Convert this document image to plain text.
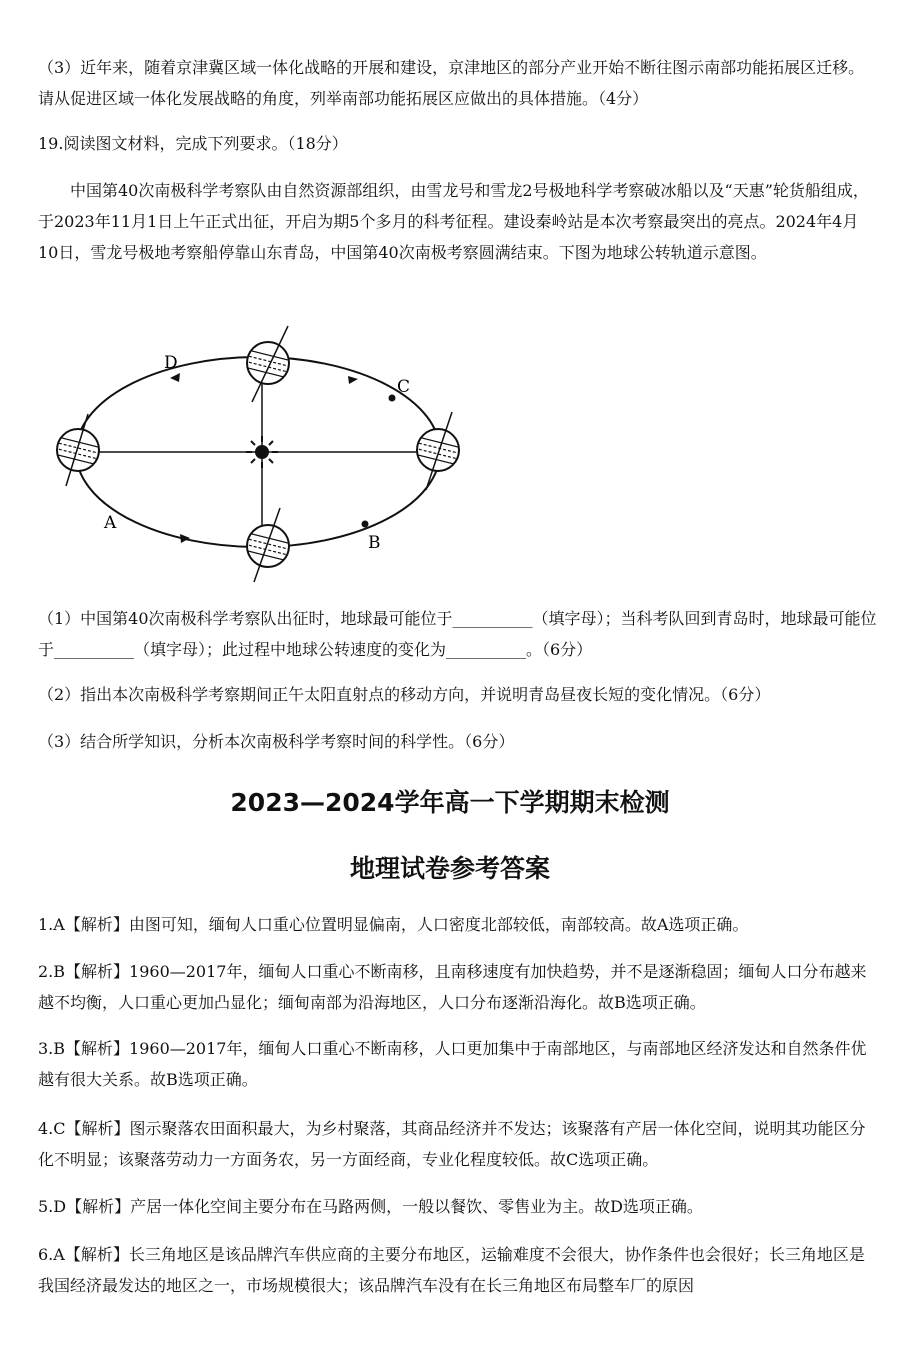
（3）近年来，随着京津冀区域一体化战略的开展和建设，京津地区的部分产业开始不断往图示南部功能拓展区迁移。请从促进区域一体化发展战略的角度，列举南部功能拓展区应做出的具体措施。（4分）

19.阅读图文材料，完成下列要求。（18分）

中国第40次南极科学考察队由自然资源部组织，由雪龙号和雪龙2号极地科学考察破冰船以及“天惠”轮货船组成，于2023年11月1日上午正式出征，开启为期5个多月的科考征程。建设秦岭站是本次考察最突出的亮点。2024年4月10日，雪龙号极地考察船停靠山东青岛，中国第40次南极考察圆满结束。下图为地球公转轨道示意图。

D
C
A
B

（1）中国第40次南极科学考察队出征时，地球最可能位于__________（填字母）；当科考队回到青岛时，地球最可能位于__________（填字母）；此过程中地球公转速度的变化为__________。（6分）

（2）指出本次南极科学考察期间正午太阳直射点的移动方向，并说明青岛昼夜长短的变化情况。（6分）

（3）结合所学知识，分析本次南极科学考察时间的科学性。（6分）

2023—2024学年高一下学期期末检测
地理试卷参考答案

1.A【解析】由图可知，缅甸人口重心位置明显偏南，人口密度北部较低，南部较高。故A选项正确。

2.B【解析】1960—2017年，缅甸人口重心不断南移，且南移速度有加快趋势，并不是逐渐稳固；缅甸人口分布越来越不均衡，人口重心更加凸显化；缅甸南部为沿海地区，人口分布逐渐沿海化。故B选项正确。

3.B【解析】1960—2017年，缅甸人口重心不断南移，人口更加集中于南部地区，与南部地区经济发达和自然条件优越有很大关系。故B选项正确。

4.C【解析】图示聚落农田面积最大，为乡村聚落，其商品经济并不发达；该聚落有产居一体化空间，说明其功能区分化不明显；该聚落劳动力一方面务农，另一方面经商，专业化程度较低。故C选项正确。

5.D【解析】产居一体化空间主要分布在马路两侧，一般以餐饮、零售业为主。故D选项正确。

6.A【解析】长三角地区是该品牌汽车供应商的主要分布地区，运输难度不会很大，协作条件也会很好；长三角地区是我国经济最发达的地区之一，市场规模很大；该品牌汽车没有在长三角地区布局整车厂的原因
